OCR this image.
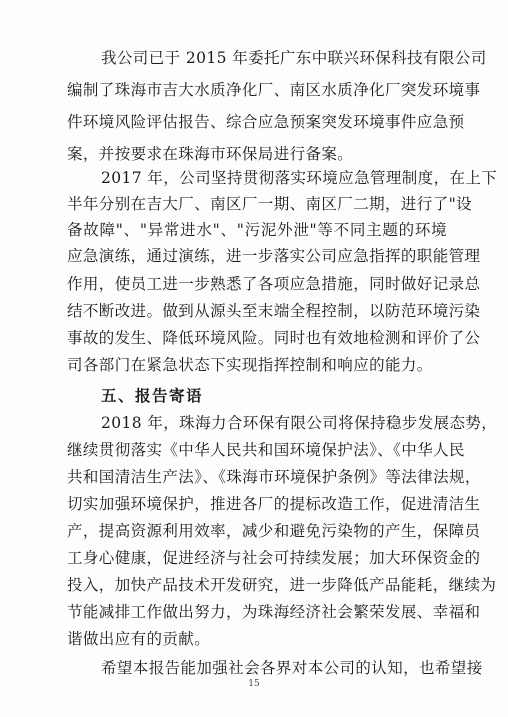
我公司已于 2015 年委托广东中联兴环保科技有限公司
编制了珠海市吉大水质净化厂、南区水质净化厂突发环境事
件环境风险评估报告、综合应急预案突发环境事件应急预
案，并按要求在珠海市环保局进行备案。
2017 年，公司坚持贯彻落实环境应急管理制度，在上下
半年分别在吉大厂、南区厂一期、南区厂二期，进行了"设
备故障"、"异常进水"、"污泥外泄"等不同主题的环境
应急演练，通过演练，进一步落实公司应急指挥的职能管理
作用，使员工进一步熟悉了各项应急措施，同时做好记录总
结不断改进。做到从源头至末端全程控制，以防范环境污染
事故的发生、降低环境风险。同时也有效地检测和评价了公
司各部门在紧急状态下实现指挥控制和响应的能力。
五、报告寄语
2018 年，珠海力合环保有限公司将保持稳步发展态势，
继续贯彻落实《中华人民共和国环境保护法》、《中华人民
共和国清洁生产法》、《珠海市环境保护条例》等法律法规，
切实加强环境保护，推进各厂的提标改造工作，促进清洁生
产，提高资源利用效率，减少和避免污染物的产生，保障员
工身心健康，促进经济与社会可持续发展；加大环保资金的
投入，加快产品技术开发研究，进一步降低产品能耗，继续为
节能减排工作做出努力，为珠海经济社会繁荣发展、幸福和
谐做出应有的贡献。
希望本报告能加强社会各界对本公司的认知，也希望接
15
